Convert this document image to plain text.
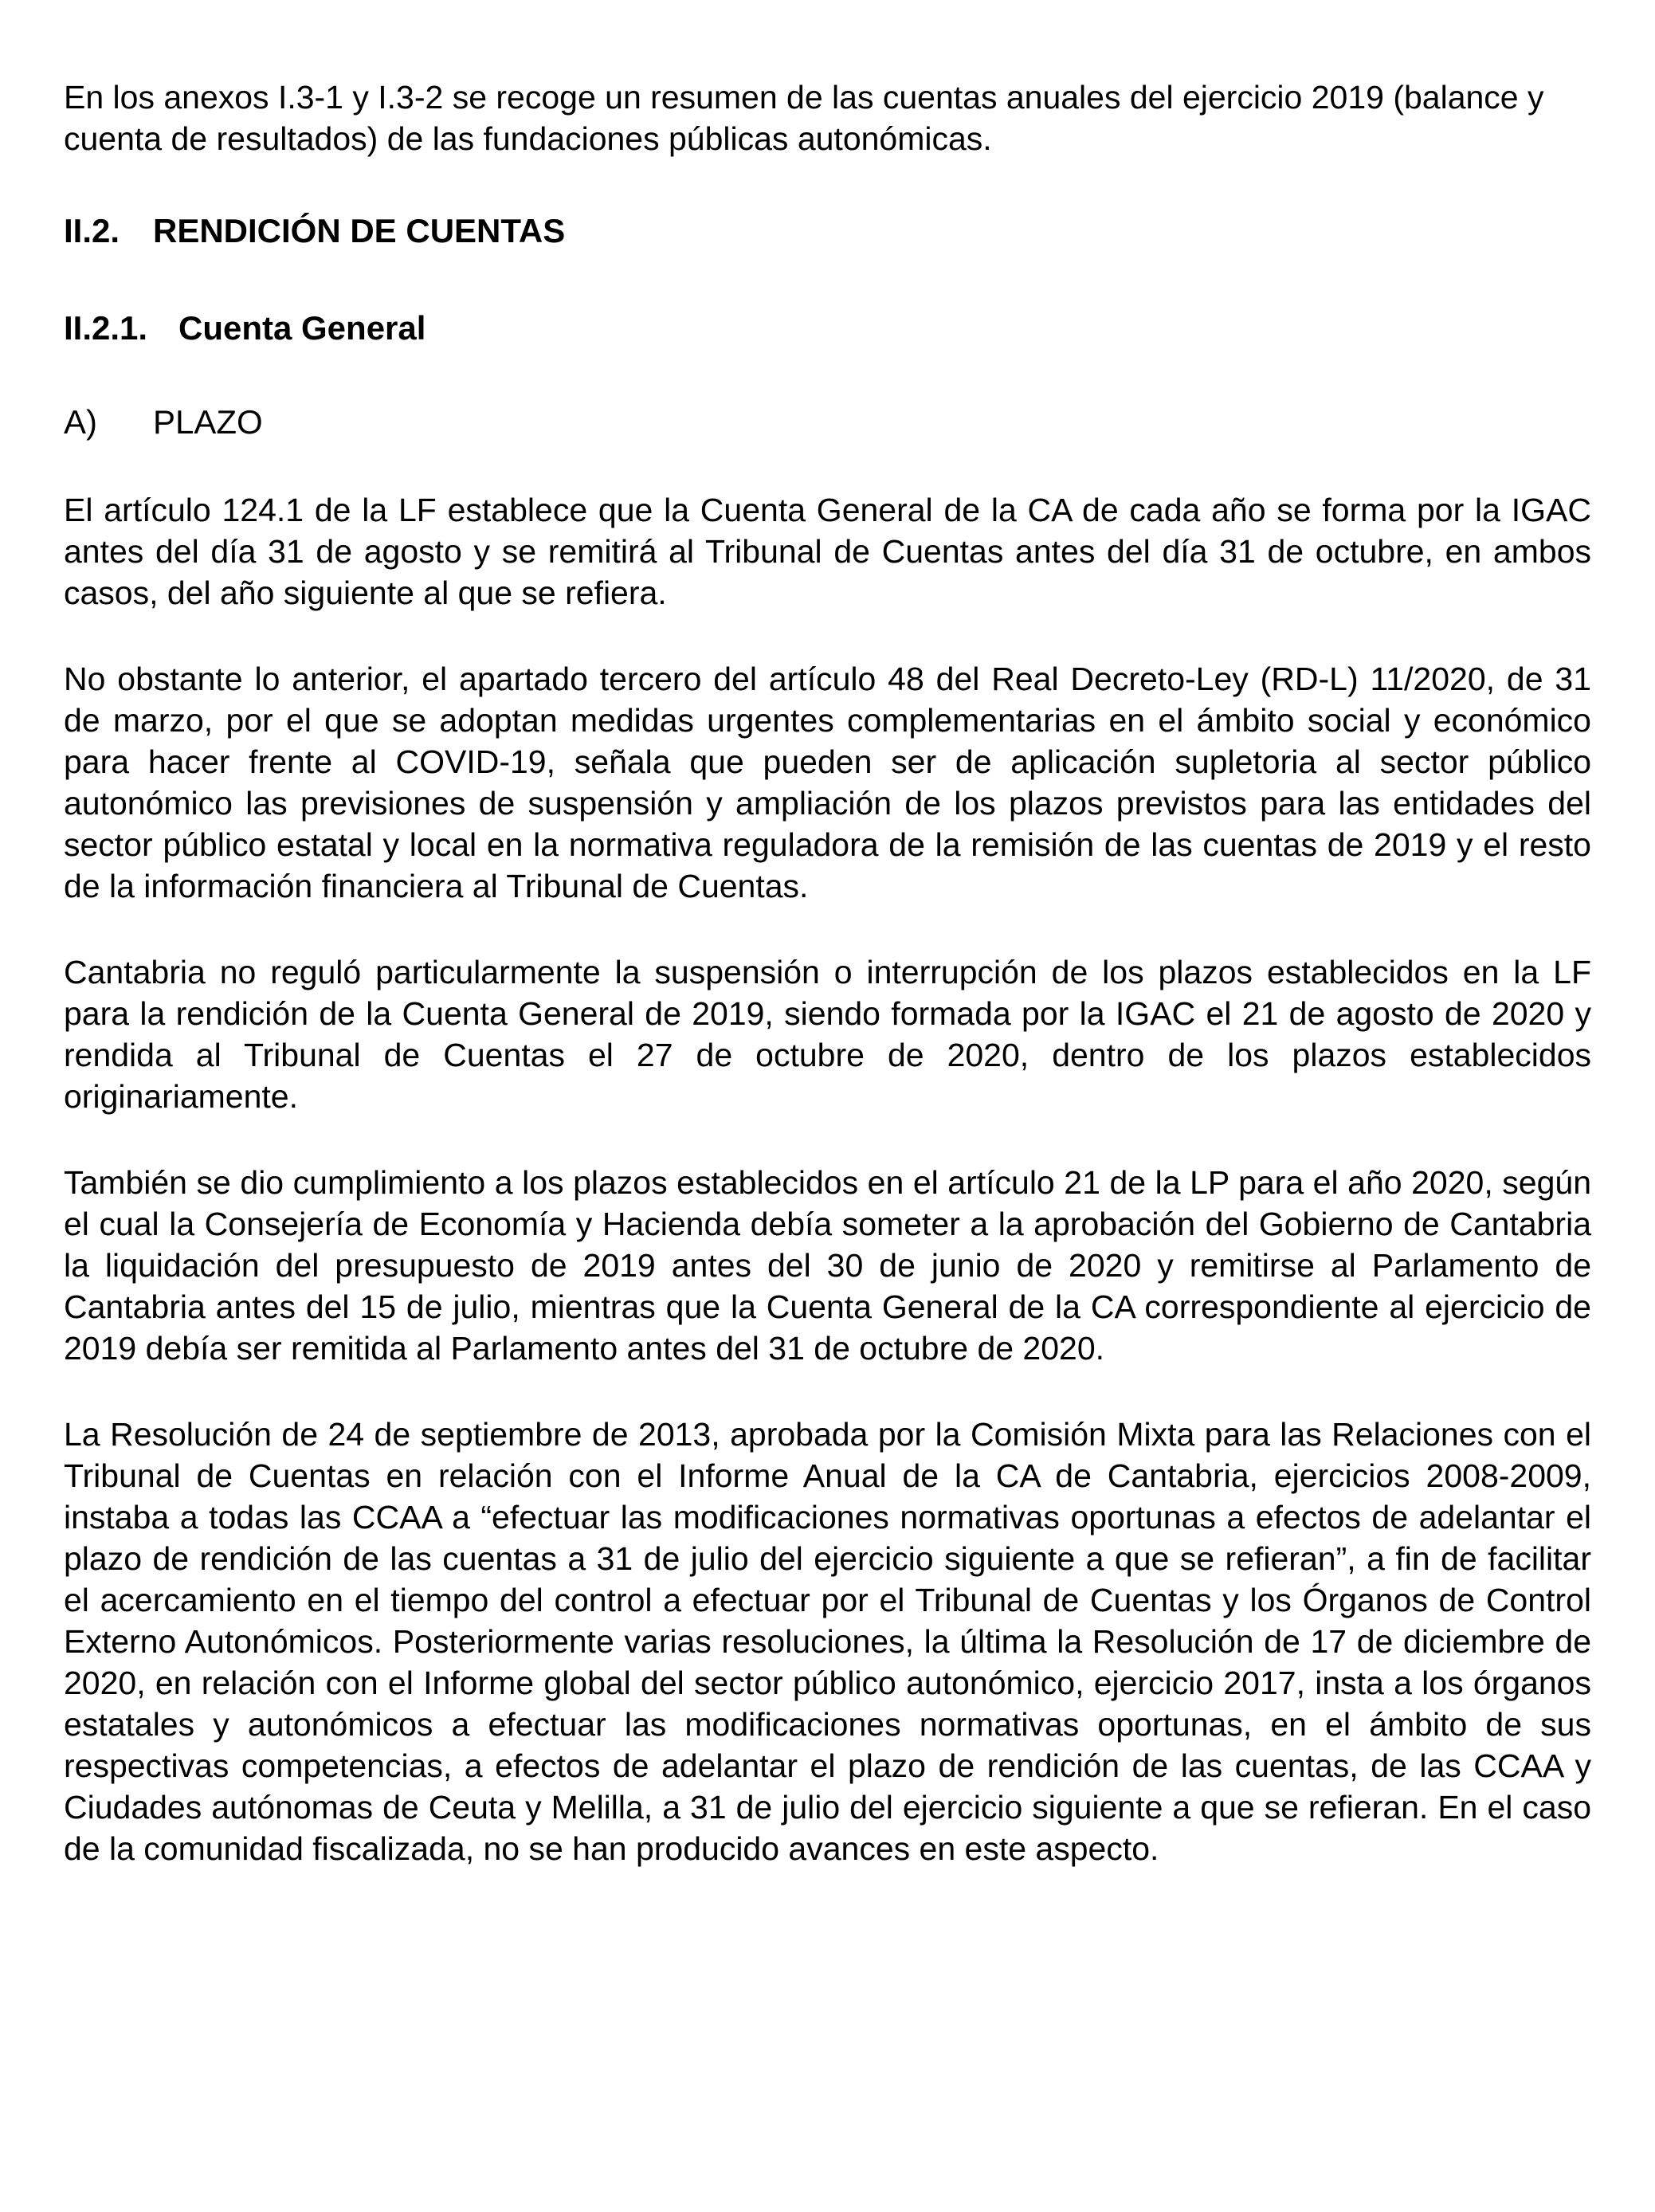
En los anexos I.3-1 y I.3-2 se recoge un resumen de las cuentas anuales del ejercicio 2019 (balance y cuenta de resultados) de las fundaciones públicas autonómicas.

II.2. RENDICIÓN DE CUENTAS
II.2.1. Cuenta General
A)	PLAZO

El artículo 124.1 de la LF establece que la Cuenta General de la CA de cada año se forma por la IGAC antes del día 31 de agosto y se remitirá al Tribunal de Cuentas antes del día 31 de octubre, en ambos casos, del año siguiente al que se refiera.

No obstante lo anterior, el apartado tercero del artículo 48 del Real Decreto-Ley (RD-L) 11/2020, de 31 de marzo, por el que se adoptan medidas urgentes complementarias en el ámbito social y económico para hacer frente al COVID-19, señala que pueden ser de aplicación supletoria al sector público autonómico las previsiones de suspensión y ampliación de los plazos previstos para las entidades del sector público estatal y local en la normativa reguladora de la remisión de las cuentas de 2019 y el resto de la información financiera al Tribunal de Cuentas.

Cantabria no reguló particularmente la suspensión o interrupción de los plazos establecidos en la LF para la rendición de la Cuenta General de 2019, siendo formada por la IGAC el 21 de agosto de 2020 y rendida al Tribunal de Cuentas el 27 de octubre de 2020, dentro de los plazos establecidos originariamente.

También se dio cumplimiento a los plazos establecidos en el artículo 21 de la LP para el año 2020, según el cual la Consejería de Economía y Hacienda debía someter a la aprobación del Gobierno de Cantabria la liquidación del presupuesto de 2019 antes del 30 de junio de 2020 y remitirse al Parlamento de Cantabria antes del 15 de julio, mientras que la Cuenta General de la CA correspondiente al ejercicio de 2019 debía ser remitida al Parlamento antes del 31 de octubre de 2020.

La Resolución de 24 de septiembre de 2013, aprobada por la Comisión Mixta para las Relaciones con el Tribunal de Cuentas en relación con el Informe Anual de la CA de Cantabria, ejercicios 2008-2009, instaba a todas las CCAA a “efectuar las modificaciones normativas oportunas a efectos de adelantar el plazo de rendición de las cuentas a 31 de julio del ejercicio siguiente a que se refieran”, a fin de facilitar el acercamiento en el tiempo del control a efectuar por el Tribunal de Cuentas y los Órganos de Control Externo Autonómicos. Posteriormente varias resoluciones, la última la Resolución de 17 de diciembre de 2020, en relación con el Informe global del sector público autonómico, ejercicio 2017, insta a los órganos estatales y autonómicos a efectuar las modificaciones normativas oportunas, en el ámbito de sus respectivas competencias, a efectos de adelantar el plazo de rendición de las cuentas, de las CCAA y Ciudades autónomas de Ceuta y Melilla, a 31 de julio del ejercicio siguiente a que se refieran. En el caso de la comunidad fiscalizada, no se han producido avances en este aspecto.
